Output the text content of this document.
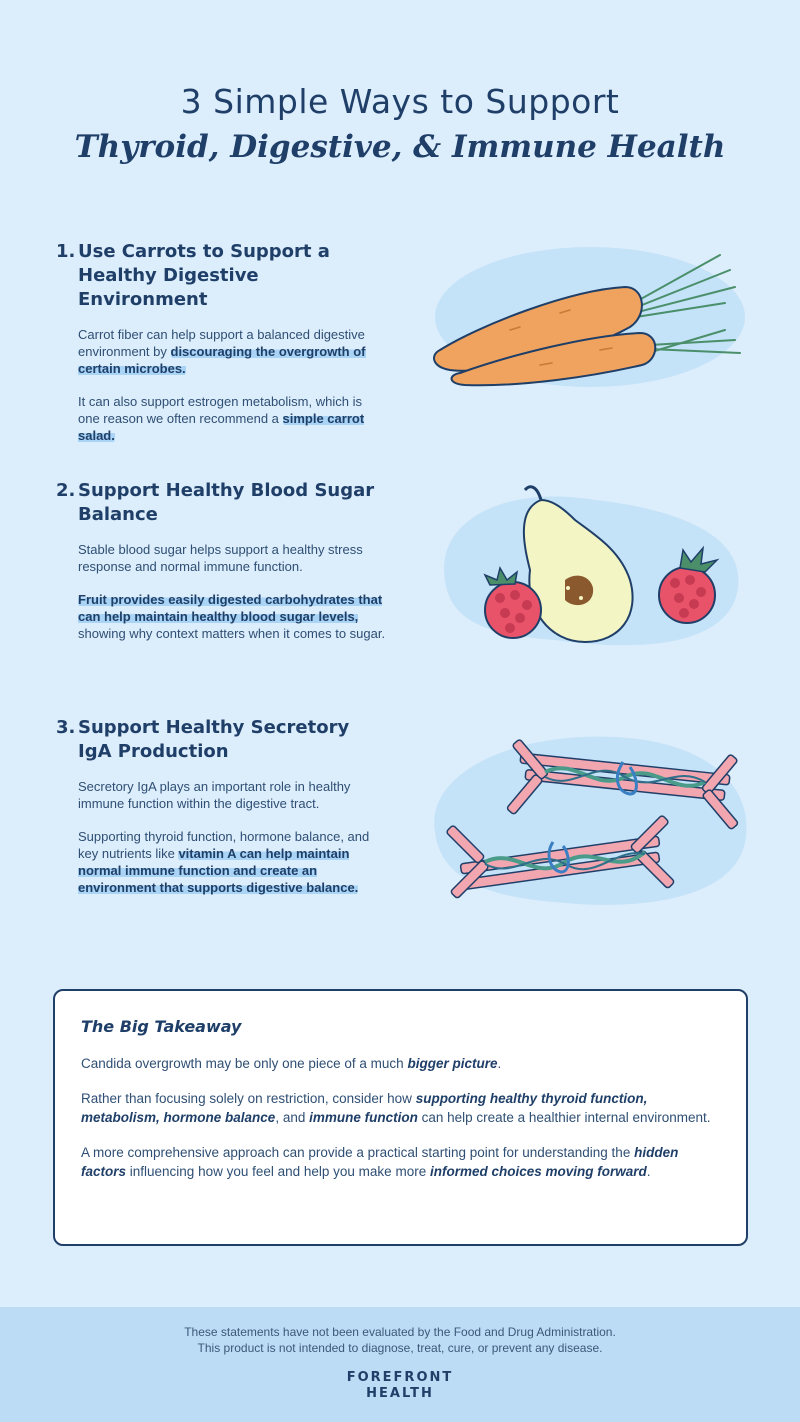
3 Simple Ways to Support
Thyroid, Digestive, & Immune Health
1. Use Carrots to Support a Healthy Digestive Environment

Carrot fiber can help support a balanced digestive environment by discouraging the overgrowth of certain microbes.

It can also support estrogen metabolism, which is one reason we often recommend a simple carrot salad.

2. Support Healthy Blood Sugar Balance

Stable blood sugar helps support a healthy stress response and normal immune function.

Fruit provides easily digested carbohydrates that can help maintain healthy blood sugar levels, showing why context matters when it comes to sugar.

3. Support Healthy Secretory IgA Production

Secretory IgA plays an important role in healthy immune function within the digestive tract.

Supporting thyroid function, hormone balance, and key nutrients like vitamin A can help maintain normal immune function and create an environment that supports digestive balance.

The Big Takeaway

Candida overgrowth may be only one piece of a much bigger picture.

Rather than focusing solely on restriction, consider how supporting healthy thyroid function, metabolism, hormone balance, and immune function can help create a healthier internal environment.

A more comprehensive approach can provide a practical starting point for understanding the hidden factors influencing how you feel and help you make more informed choices moving forward.

These statements have not been evaluated by the Food and Drug Administration.
This product is not intended to diagnose, treat, cure, or prevent any disease.
FOREFRONT
HEALTH
